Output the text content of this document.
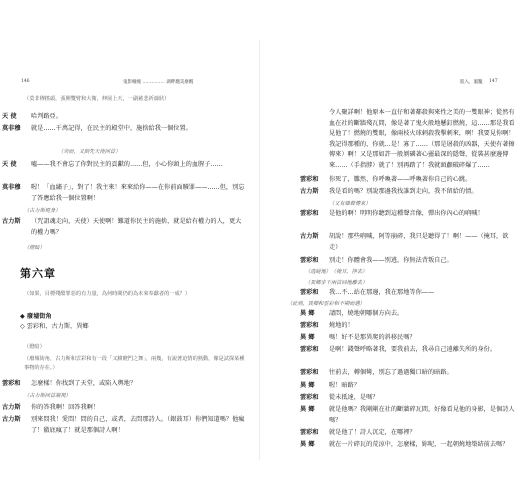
146	鬼影幢幢 …………… 湖畔翻美塵醒
（莫非穆搖頭，張開雙臂和大衛，伸展上天，一副慈悲祈禱狀）
天 使 哈判路亞。
莫非穆 就是……千萬記得，在民主的殿堂中，施捨給我一個位置。
（突而，又倒先天使回首）
天 使 噓——我不會忘了你對民主的貢獻的……但，小心你頭上的血腥子……
莫非穆 喔！「血繡子」，對了！我主來！來來給你——在你前面贖罪——……但，別忘了答應給我一個位置啊！
（古力斯現身）
古力斯 （咒詛魂走向，天使）天使啊！難道你民主的施捨，就是給有權力的人，更大的權力嗎？
（燈暗）
第六章
（如果，目標殘酷罪惡的有力量，為何時間仍的為未來奉獻者的一成？）
◆ 廢墟街角
◇ 雲彩和、古力斯、異鄉
（燈暗）
（廢墟街角，古力斯和雲彩和有一段「又臉瞪門之舞」，兩幾，有說著迫情的熟動，像是試探某種事物的存在。）
雲彩和 怎麼樣！你找到了天堂，或陷入輿地？
（古力斯回首凝視）
古力斯 你的答我啊！回答我啊！
古力斯 別來問我！愛問！問的自己，或者，去問那詩人。（銀鼓耳）你們知道嗎？他瘋了！徹底瘋了！就是那個詩人啊！
陷入，噩魘 147
令人聚詳啊！他原本一直仔和著鄰殺與來性之美的一雙眼神；從然有血在社的斷牆殘瓦間，像是著了鬼火般地懸釘燃燒，這……那是我看見他了！燃燒的雙眼，像兩枝火球刺殺我擊刺來，啊！我要見你啊！我記得那種的，你就…是！寡了……（那是屠殺的凶器，天使有著擦傳來）啊！又是那如許一般剝磷著心靈最深的隱聲，從裝甚麼邊傳來……（手指脖）就了！別再踏了！我就頭顱破碎爆了……
雲彩和 你死了，雛然，你呼喚著——呼喚著你自己的心跳。
古力斯 我是看的嗎？別說那邊我找誰到走向，我不留給的情。
（又有雜聲傳來）
雲彩和 是他的啊！明明你聽到這種聲音像，彈出你內心的吶喊！
古力斯 胡說！那些吶喊，阿等崩碎，我只是聽得了！啊！——（掩耳，欲走）
雲彩和 別走！你體會我——別逃，你無法背叛自己。
（逃疑地）　（掩耳，挣去）
（異鄉步下兩首回地離去）
雲彩和 我…不…站在那邊，我在那地等你——
（此刻，異鄉和雲彩和不期而遇）
異 鄉 請問，燒地朝哪個方向去。
雲彩和 燒地的！
異 鄉 嗎！好不是那異爬的斜移民嗎？
雲彩和 是啊！錢聲呼略著我，要我前去，我尋自己遠離失所的身份。
雲彩和 往前去，轉個彎，別忘了過過獨口暗的暗路。
異 鄉 喔！暗路？
雲彩和 從未抵達，是嗎？
異 鄉 就是他嗎？我剛剛在社的斷牆碎瓦間，好像看見他的身影，是個詩人嗎？
雲彩和 就是他了！詩人沉定，在哪裡？
異 鄉 就在一片碎瓦的荒涼中，怎麼樣，妳呢，一起朝燒地築結前去嗎？
